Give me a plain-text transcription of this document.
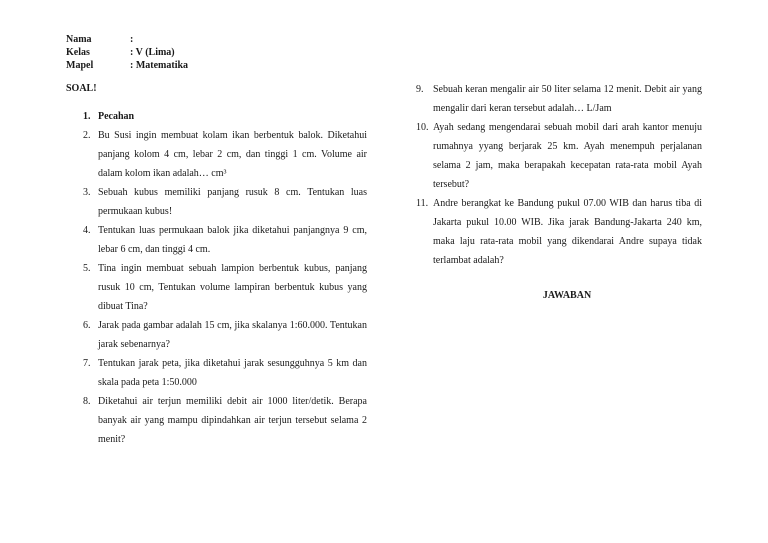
Nama	:
Kelas	: V (Lima)
Mapel	: Matematika
SOAL!
1. Pecahan
2. Bu Susi ingin membuat kolam ikan berbentuk balok. Diketahui panjang kolom 4 cm, lebar 2 cm, dan tinggi 1 cm. Volume air dalam kolom ikan adalah… cm³
3. Sebuah kubus memiliki panjang rusuk 8 cm. Tentukan luas permukaan kubus!
4. Tentukan luas permukaan balok jika diketahui panjangnya 9 cm, lebar 6 cm, dan tinggi 4 cm.
5. Tina ingin membuat sebuah lampion berbentuk kubus, panjang rusuk 10 cm, Tentukan volume lampiran berbentuk kubus yang dibuat Tina?
6. Jarak pada gambar adalah 15 cm, jika skalanya 1:60.000. Tentukan jarak sebenarnya?
7. Tentukan jarak peta, jika diketahui jarak sesungguhnya 5 km dan skala pada peta 1:50.000
8. Diketahui air terjun memiliki debit air 1000 liter/detik. Berapa banyak air yang mampu dipindahkan air terjun tersebut selama 2 menit?
9. Sebuah keran mengalir air 50 liter selama 12 menit. Debit air yang mengalir dari keran tersebut adalah… L/Jam
10. Ayah sedang mengendarai sebuah mobil dari arah kantor menuju rumahnya yyang berjarak 25 km. Ayah menempuh perjalanan selama 2 jam, maka berapakah kecepatan rata-rata mobil Ayah tersebut?
11. Andre berangkat ke Bandung pukul 07.00 WIB dan harus tiba di Jakarta pukul 10.00 WIB. Jika jarak Bandung-Jakarta 240 km, maka laju rata-rata mobil yang dikendarai Andre supaya tidak terlambat adalah?
JAWABAN
